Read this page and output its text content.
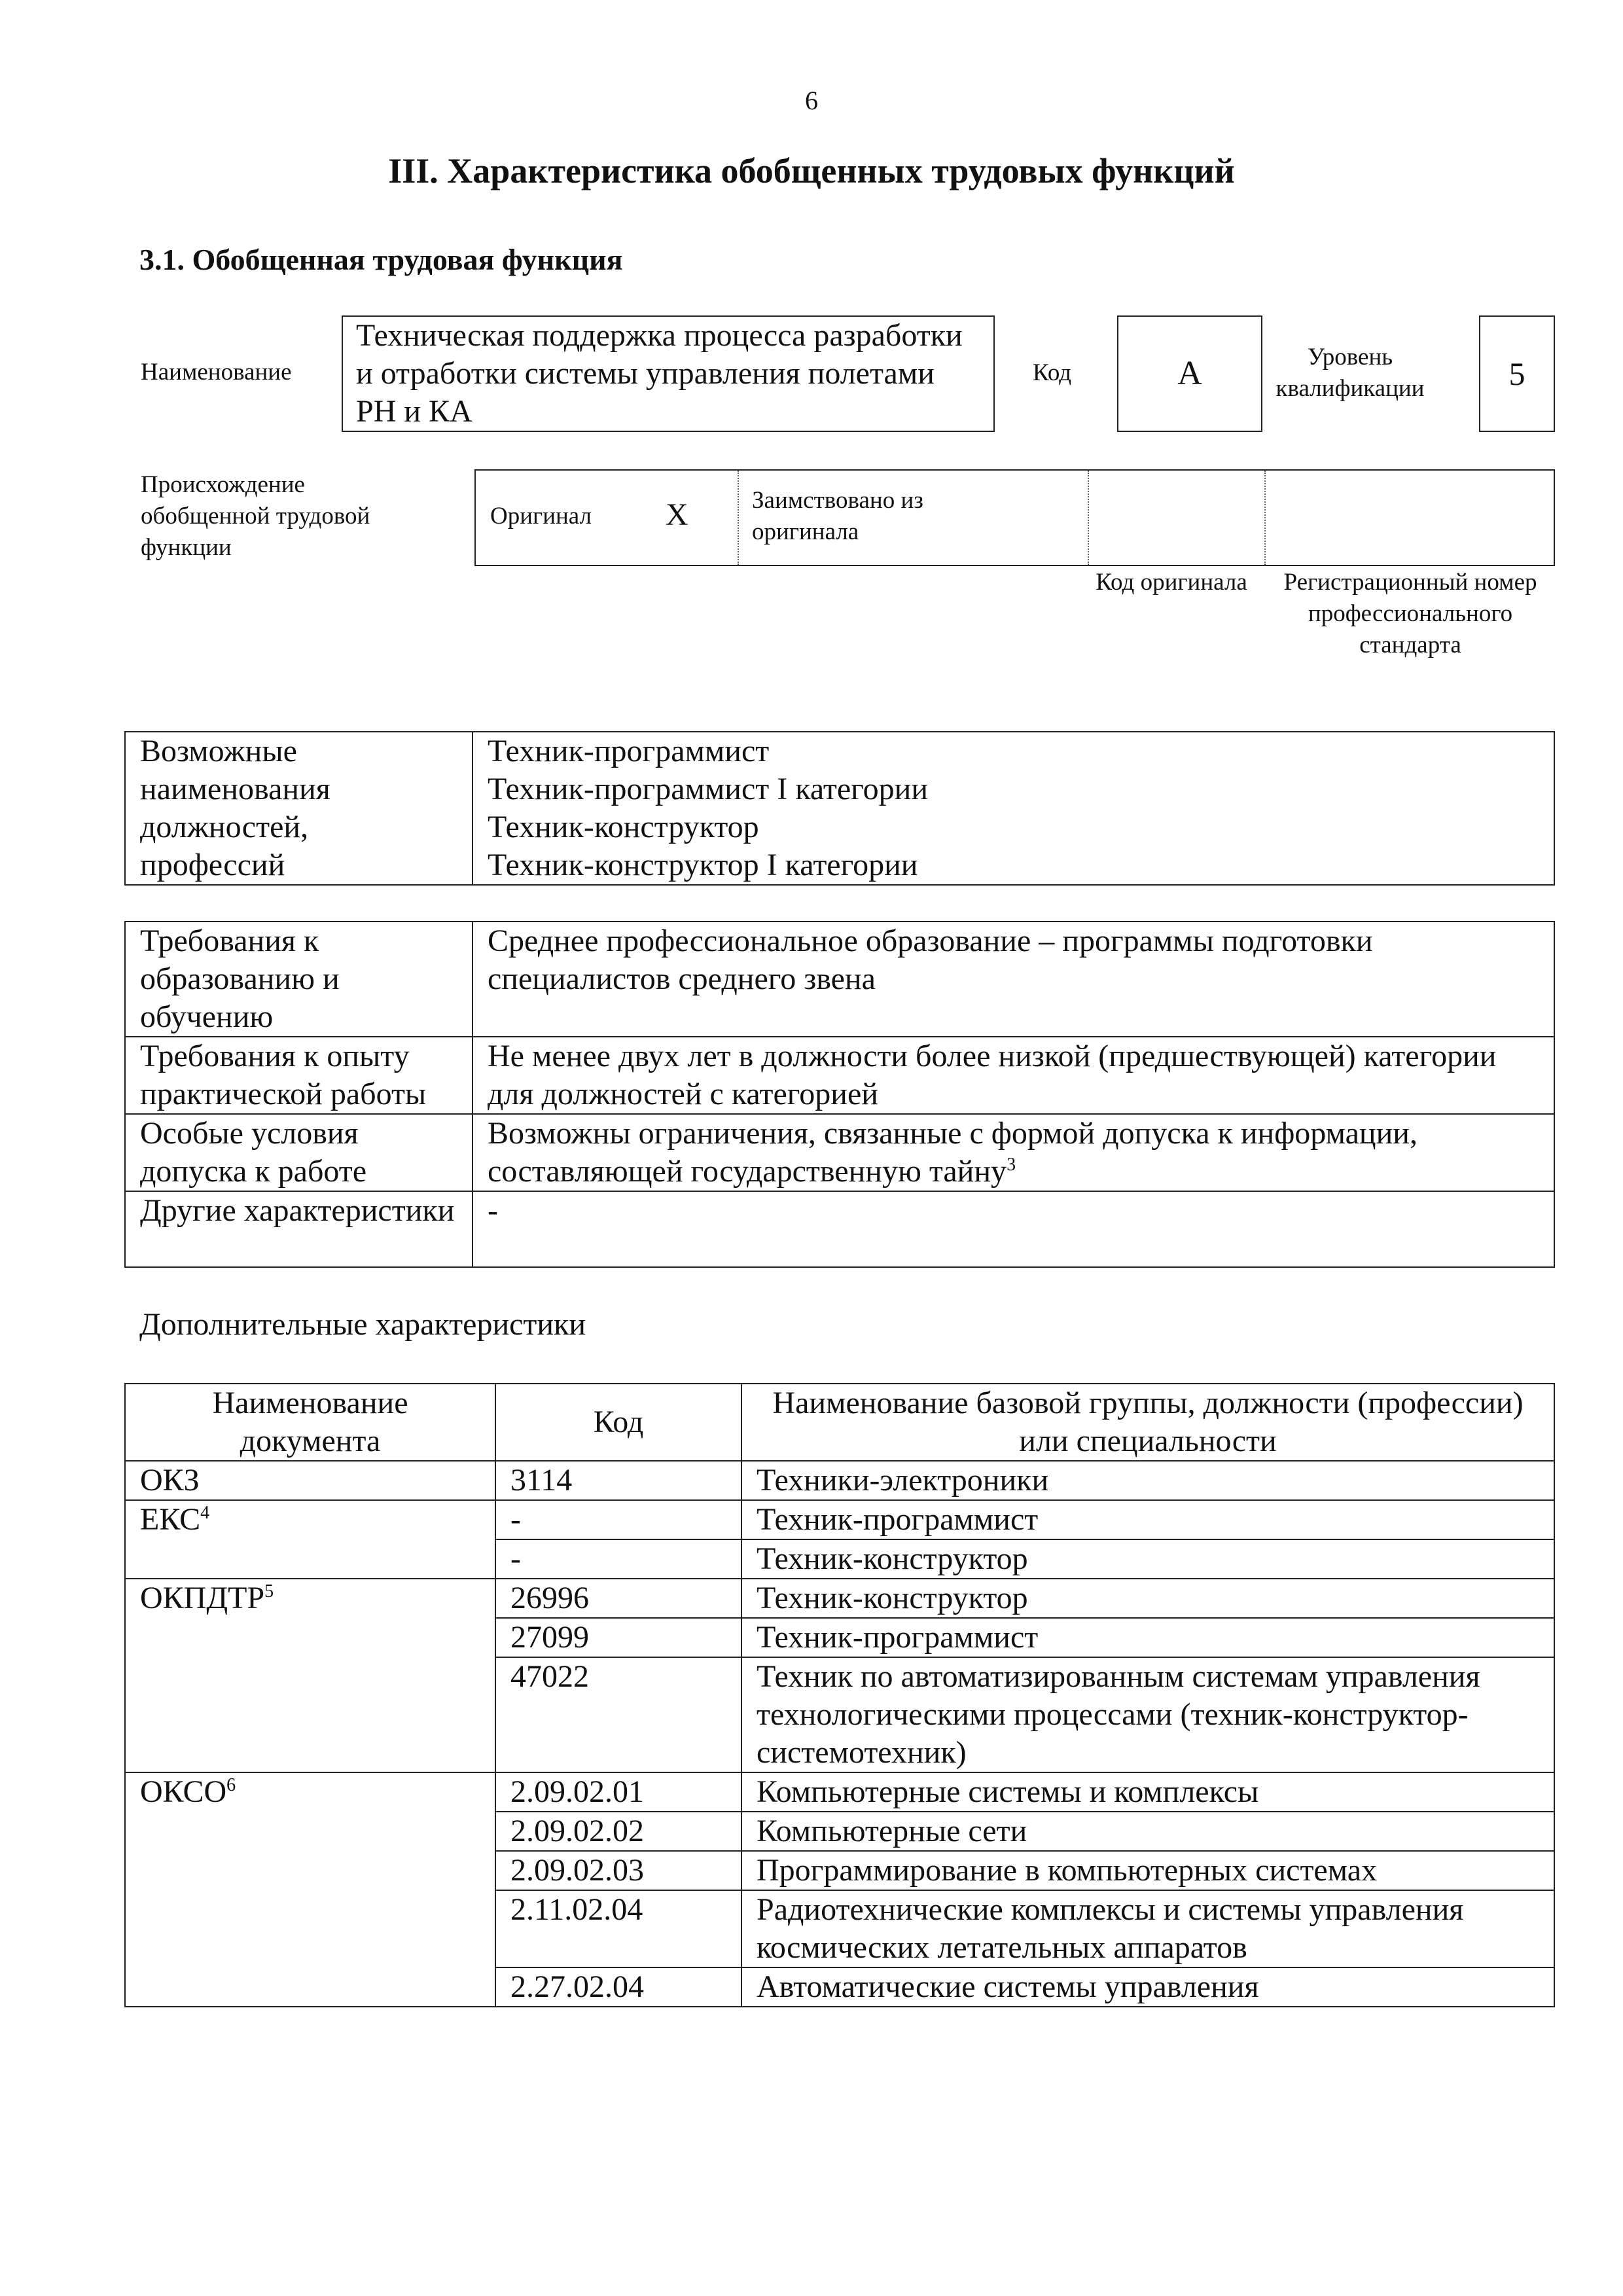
6
III. Характеристика обобщенных трудовых функций
3.1. Обобщенная трудовая функция
Наименование
Техническая поддержка процесса разработки и отработки системы управления полетами РН и КА
Код	A	Уровень квалификации	5
Происхождение обобщенной трудовой функции
Оригинал X	Заимствовано из оригинала
Код оригинала	Регистрационный номер профессионального стандарта
Возможные наименования должностей, профессий	
Техник-программист
Техник-программист I категории
Техник-конструктор
Техник-конструктор I категории
Требования к образованию и обучению	Среднее профессиональное образование – программы подготовки специалистов среднего звена
Требования к опыту практической работы	Не менее двух лет в должности более низкой (предшествующей) категории для должностей с категорией
Особые условия допуска к работе	Возможны ограничения, связанные с формой допуска к информации, составляющей государственную тайну$^3$
Другие характеристики	-
Дополнительные характеристики
Наименование документа	Код	Наименование базовой группы, должности (профессии) или специальности
ОКЗ	3114	Техники-электроники
ЕКС$^4$	-	Техник-программист
	-	Техник-конструктор
ОКПДТР$^5$	26996	Техник-конструктор
	27099	Техник-программист
	47022	Техник по автоматизированным системам управления технологическими процессами (техник-конструктор-системотехник)
ОКСО$^6$	2.09.02.01	Компьютерные системы и комплексы
	2.09.02.02	Компьютерные сети
	2.09.02.03	Программирование в компьютерных системах
	2.11.02.04	Радиотехнические комплексы и системы управления космических летательных аппаратов
	2.27.02.04	Автоматические системы управления
